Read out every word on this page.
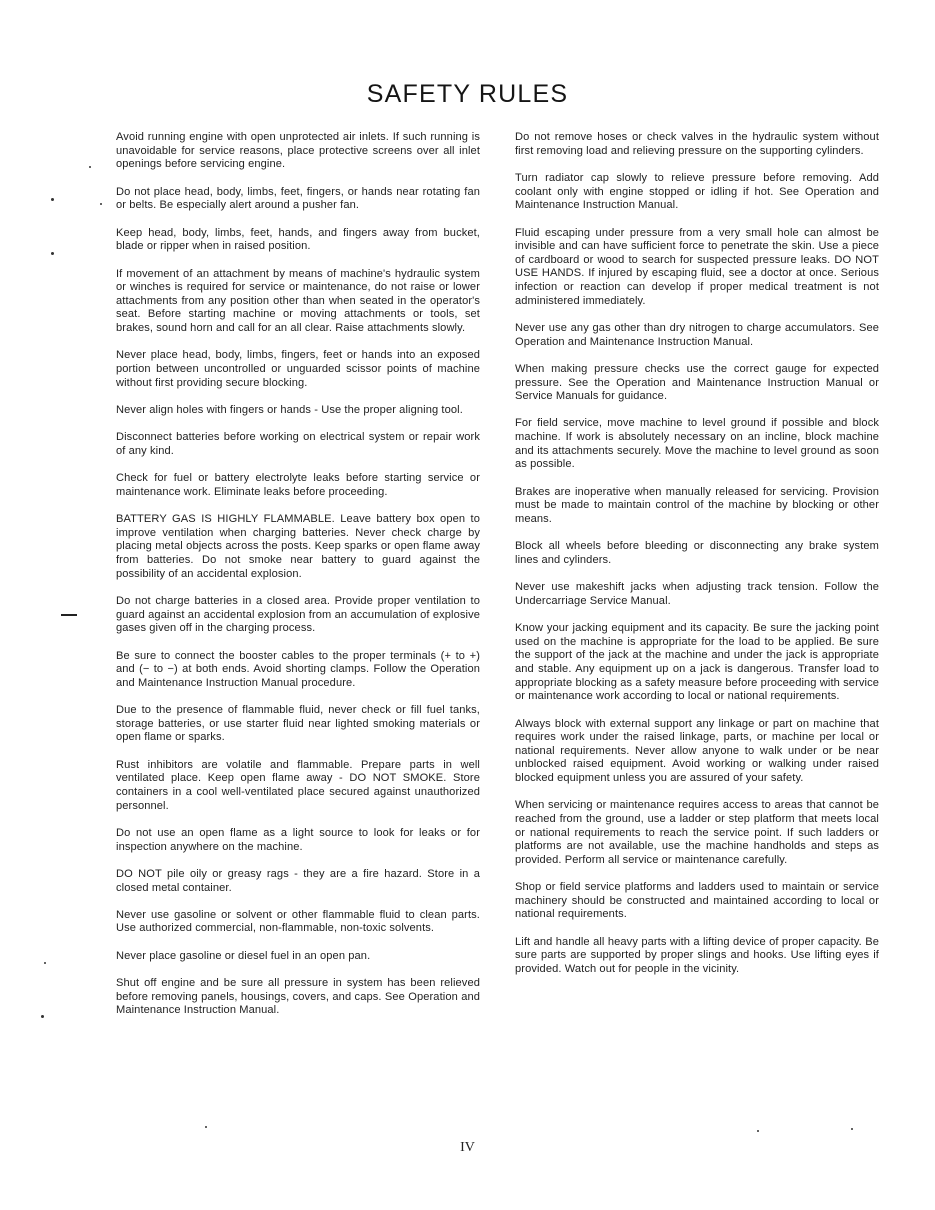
SAFETY RULES

Avoid running engine with open unprotected air inlets. If such running is unavoidable for service reasons, place protective screens over all inlet openings before servicing engine.

Do not place head, body, limbs, feet, fingers, or hands near rotating fan or belts. Be especially alert around a pusher fan.

Keep head, body, limbs, feet, hands, and fingers away from bucket, blade or ripper when in raised position.

If movement of an attachment by means of machine's hydraulic system or winches is required for service or maintenance, do not raise or lower attachments from any position other than when seated in the operator's seat. Before starting machine or moving attachments or tools, set brakes, sound horn and call for an all clear. Raise attachments slowly.

Never place head, body, limbs, fingers, feet or hands into an exposed portion between uncontrolled or unguarded scissor points of machine without first providing secure blocking.

Never align holes with fingers or hands - Use the proper aligning tool.

Disconnect batteries before working on electrical system or repair work of any kind.

Check for fuel or battery electrolyte leaks before starting service or maintenance work. Eliminate leaks before proceeding.

BATTERY GAS IS HIGHLY FLAMMABLE. Leave battery box open to improve ventilation when charging batteries. Never check charge by placing metal objects across the posts. Keep sparks or open flame away from batteries. Do not smoke near battery to guard against the possibility of an accidental explosion.

Do not charge batteries in a closed area. Provide proper ventilation to guard against an accidental explosion from an accumulation of explosive gases given off in the charging process.

Be sure to connect the booster cables to the proper terminals (+ to +) and (− to −) at both ends. Avoid shorting clamps. Follow the Operation and Maintenance Instruction Manual procedure.

Due to the presence of flammable fluid, never check or fill fuel tanks, storage batteries, or use starter fluid near lighted smoking materials or open flame or sparks.

Rust inhibitors are volatile and flammable. Prepare parts in well ventilated place. Keep open flame away - DO NOT SMOKE. Store containers in a cool well-ventilated place secured against unauthorized personnel.

Do not use an open flame as a light source to look for leaks or for inspection anywhere on the machine.

DO NOT pile oily or greasy rags - they are a fire hazard. Store in a closed metal container.

Never use gasoline or solvent or other flammable fluid to clean parts. Use authorized commercial, non-flammable, non-toxic solvents.

Never place gasoline or diesel fuel in an open pan.

Shut off engine and be sure all pressure in system has been relieved before removing panels, housings, covers, and caps. See Operation and Maintenance Instruction Manual.

Do not remove hoses or check valves in the hydraulic system without first removing load and relieving pressure on the supporting cylinders.

Turn radiator cap slowly to relieve pressure before removing. Add coolant only with engine stopped or idling if hot. See Operation and Maintenance Instruction Manual.

Fluid escaping under pressure from a very small hole can almost be invisible and can have sufficient force to penetrate the skin. Use a piece of cardboard or wood to search for suspected pressure leaks. DO NOT USE HANDS. If injured by escaping fluid, see a doctor at once. Serious infection or reaction can develop if proper medical treatment is not administered immediately.

Never use any gas other than dry nitrogen to charge accumulators. See Operation and Maintenance Instruction Manual.

When making pressure checks use the correct gauge for expected pressure. See the Operation and Maintenance Instruction Manual or Service Manuals for guidance.

For field service, move machine to level ground if possible and block machine. If work is absolutely necessary on an incline, block machine and its attachments securely. Move the machine to level ground as soon as possible.

Brakes are inoperative when manually released for servicing. Provision must be made to maintain control of the machine by blocking or other means.

Block all wheels before bleeding or disconnecting any brake system lines and cylinders.

Never use makeshift jacks when adjusting track tension. Follow the Undercarriage Service Manual.

Know your jacking equipment and its capacity. Be sure the jacking point used on the machine is appropriate for the load to be applied. Be sure the support of the jack at the machine and under the jack is appropriate and stable. Any equipment up on a jack is dangerous. Transfer load to appropriate blocking as a safety measure before proceeding with service or maintenance work according to local or national requirements.

Always block with external support any linkage or part on machine that requires work under the raised linkage, parts, or machine per local or national requirements. Never allow anyone to walk under or be near unblocked raised equipment. Avoid working or walking under raised blocked equipment unless you are assured of your safety.

When servicing or maintenance requires access to areas that cannot be reached from the ground, use a ladder or step platform that meets local or national requirements to reach the service point. If such ladders or platforms are not available, use the machine handholds and steps as provided. Perform all service or maintenance carefully.

Shop or field service platforms and ladders used to maintain or service machinery should be constructed and maintained according to local or national requirements.

Lift and handle all heavy parts with a lifting device of proper capacity. Be sure parts are supported by proper slings and hooks. Use lifting eyes if provided. Watch out for people in the vicinity.

IV
